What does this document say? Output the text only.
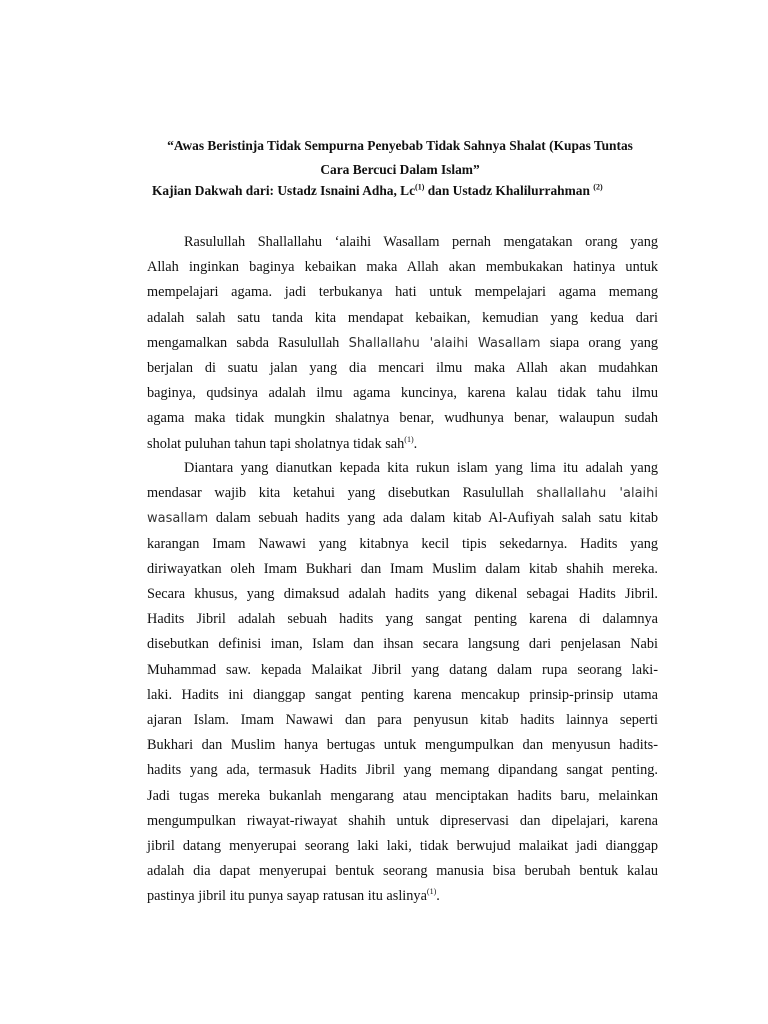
“Awas Beristinja Tidak Sempurna Penyebab Tidak Sahnya Shalat (Kupas Tuntas
Cara Bercuci Dalam Islam”
Kajian Dakwah dari: Ustadz Isnaini Adha, Lc$^{(1)}$ dan Ustadz Khalilurrahman $^{(2)}$
Rasulullah Shallallahu ‘alaihi Wasallam pernah mengatakan orang yang
Allah inginkan baginya kebaikan maka Allah akan membukakan hatinya untuk
mempelajari agama. jadi terbukanya hati untuk mempelajari agama memang
adalah salah satu tanda kita mendapat kebaikan, kemudian yang kedua dari
mengamalkan sabda Rasulullah Shallallahu 'alaihi Wasallam siapa orang yang
berjalan di suatu jalan yang dia mencari ilmu maka Allah akan mudahkan
baginya, qudsinya adalah ilmu agama kuncinya, karena kalau tidak tahu ilmu
agama maka tidak mungkin shalatnya benar, wudhunya benar, walaupun sudah
sholat puluhan tahun tapi sholatnya tidak sah$^{(1)}$.
Diantara yang dianutkan kepada kita rukun islam yang lima itu adalah yang
mendasar wajib kita ketahui yang disebutkan Rasulullah shallallahu 'alaihi
wasallam dalam sebuah hadits yang ada dalam kitab Al-Aufiyah salah satu kitab
karangan Imam Nawawi yang kitabnya kecil tipis sekedarnya. Hadits yang
diriwayatkan oleh Imam Bukhari dan Imam Muslim dalam kitab shahih mereka.
Secara khusus, yang dimaksud adalah hadits yang dikenal sebagai Hadits Jibril.
Hadits Jibril adalah sebuah hadits yang sangat penting karena di dalamnya
disebutkan definisi iman, Islam dan ihsan secara langsung dari penjelasan Nabi
Muhammad saw. kepada Malaikat Jibril yang datang dalam rupa seorang laki-
laki. Hadits ini dianggap sangat penting karena mencakup prinsip-prinsip utama
ajaran Islam. Imam Nawawi dan para penyusun kitab hadits lainnya seperti
Bukhari dan Muslim hanya bertugas untuk mengumpulkan dan menyusun hadits-
hadits yang ada, termasuk Hadits Jibril yang memang dipandang sangat penting.
Jadi tugas mereka bukanlah mengarang atau menciptakan hadits baru, melainkan
mengumpulkan riwayat-riwayat shahih untuk dipreservasi dan dipelajari, karena
jibril datang menyerupai seorang laki laki, tidak berwujud malaikat jadi dianggap
adalah dia dapat menyerupai bentuk seorang manusia bisa berubah bentuk kalau
pastinya jibril itu punya sayap ratusan itu aslinya$^{(1)}$.
